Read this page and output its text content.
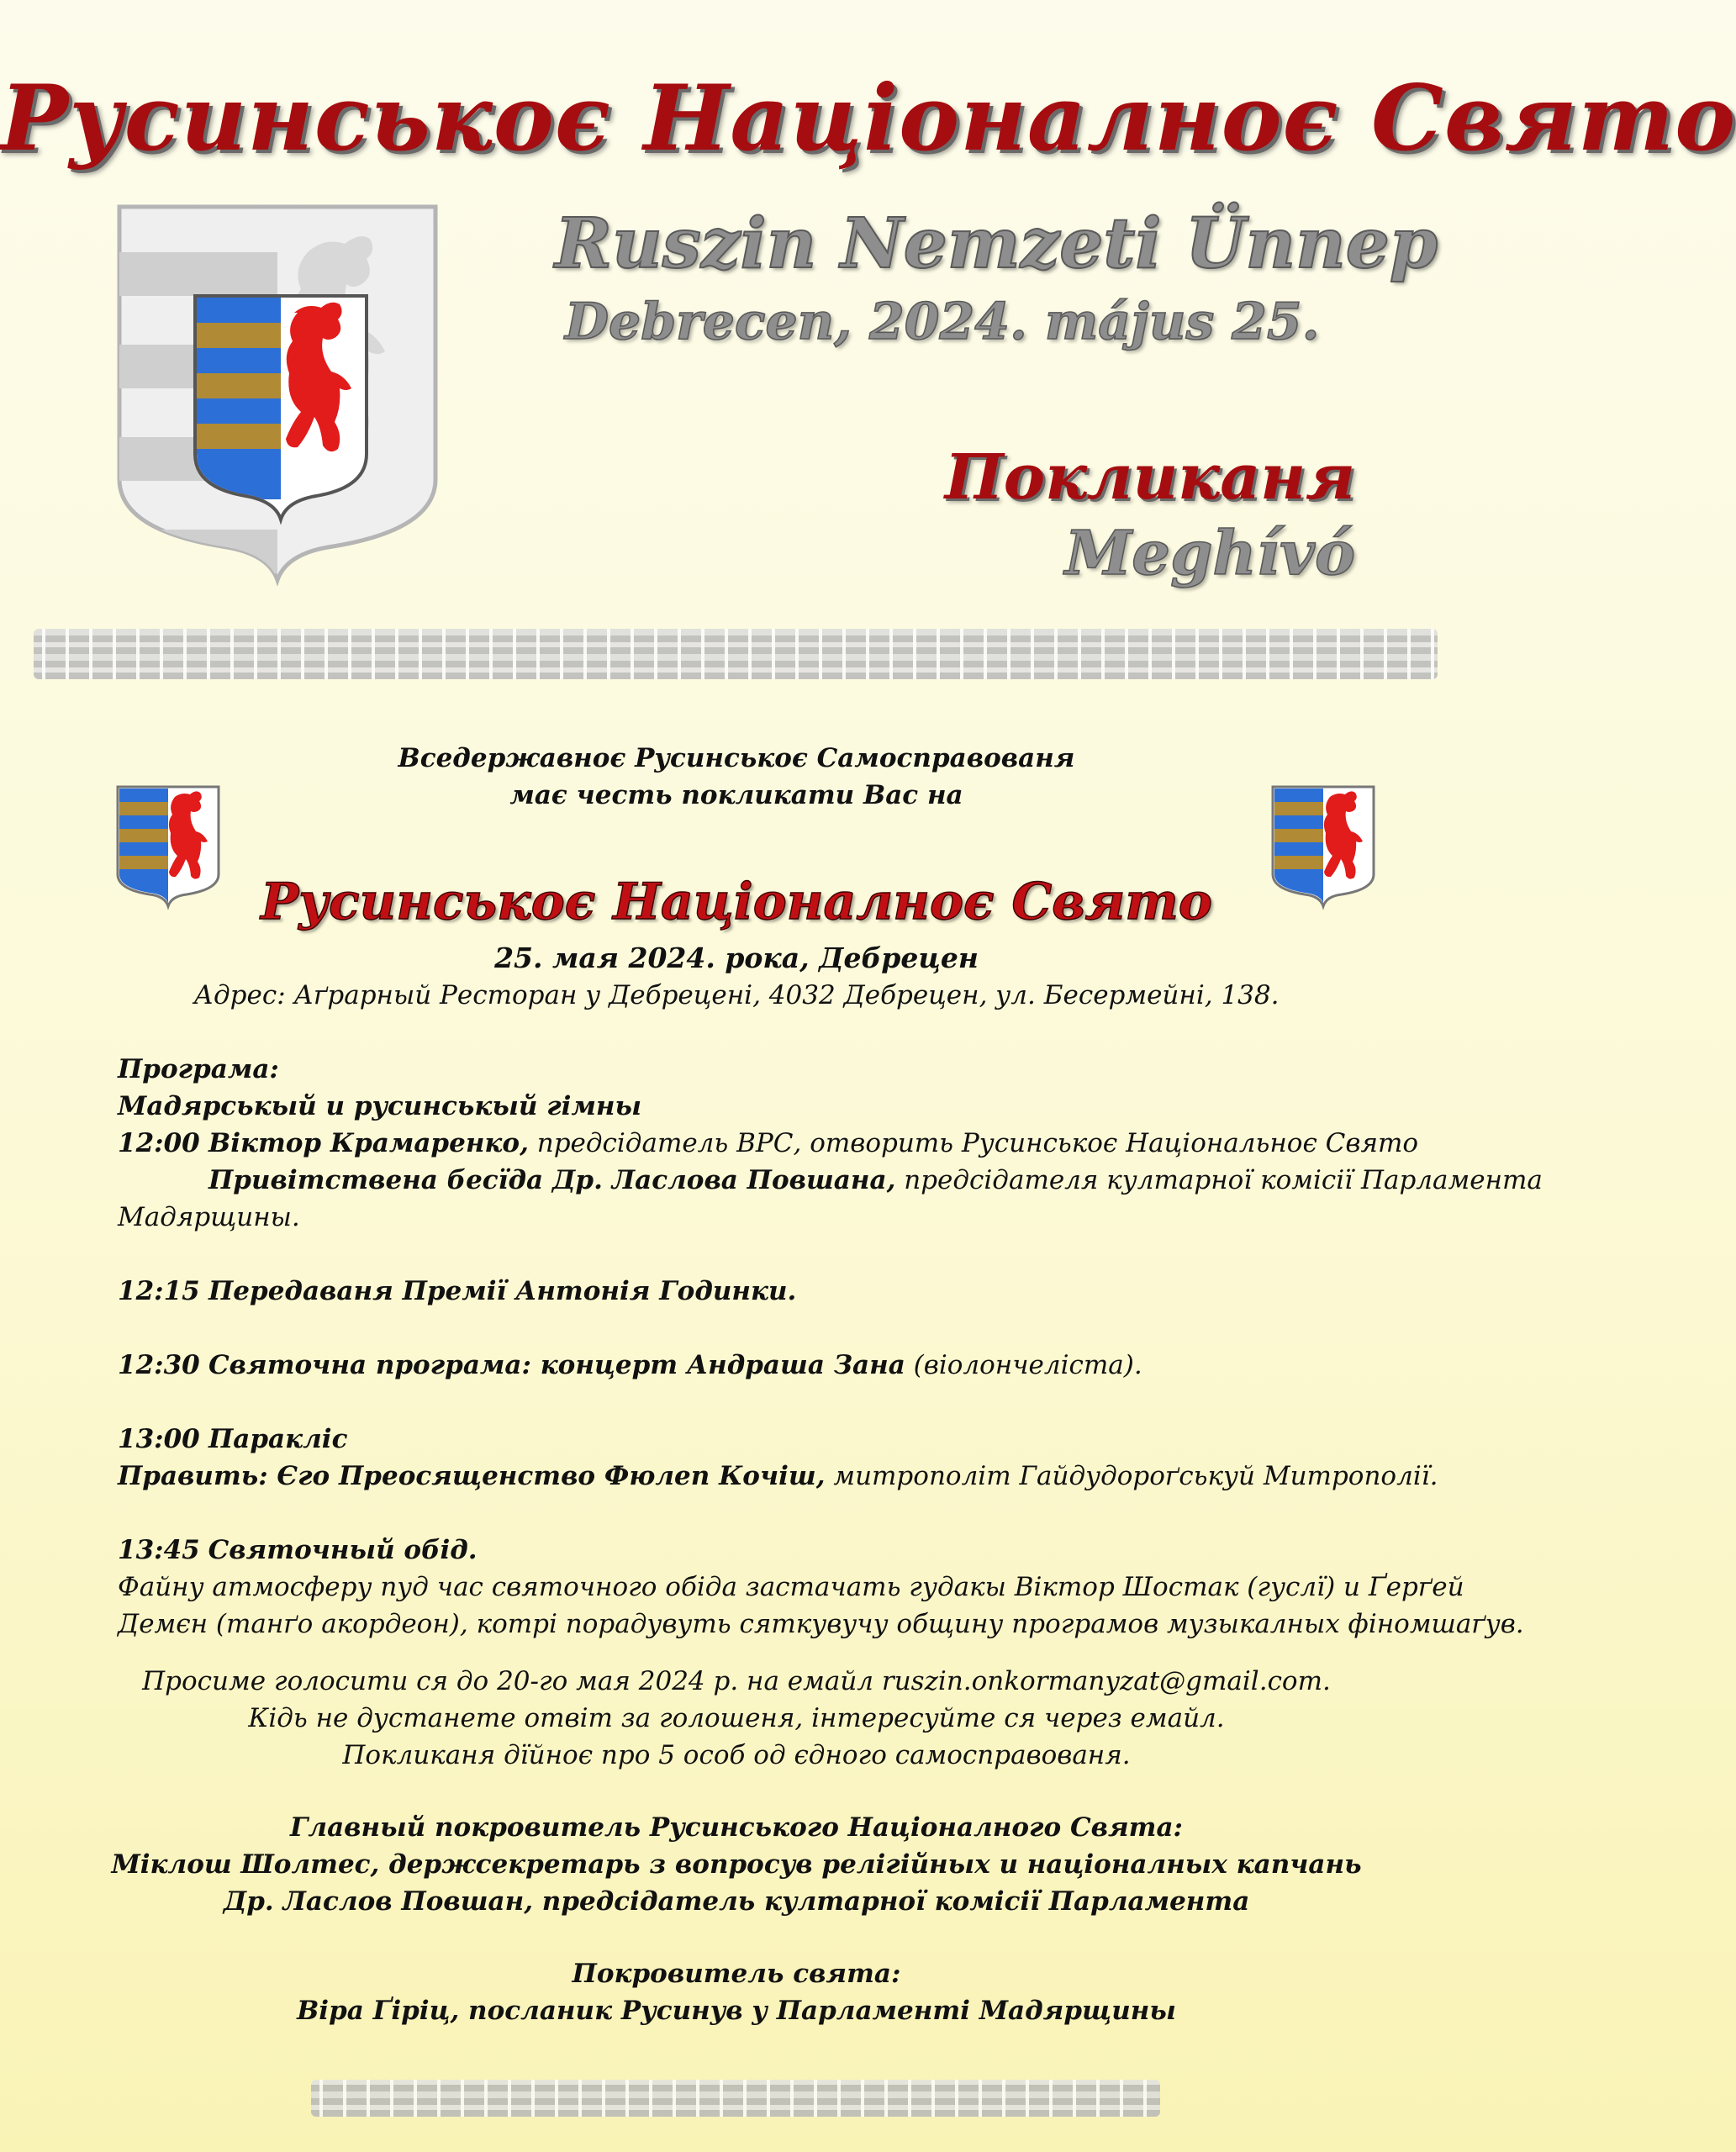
Русинськоє Націоналноє Свято
Ruszin Nemzeti Ünnep
Debrecen, 2024. május 25.
Покликаня
Meghívó
Вседержавноє Русинськоє Самосправованя
має честь покликати Вас на
Русинськоє Націоналноє Свято
25. мая 2024. рока, Дебрецен
Адрес: Аґрарный Ресторан у Дебрецені, 4032 Дебрецен, ул. Бесермейні, 138.

Програма:

Мадярськый и русинськый гімны

12:00 Віктор Крамаренко, предсідатель ВРС, отворить Русинськоє Національноє Свято

Привітствена бесїда Др. Ласлова Повшана, предсідателя култарної комісії Парламента

Мадярщины.

12:15 Передаваня Премії Антонія Годинки.

12:30 Святочна програма: концерт Андраша Зана (віолончеліста).

13:00 Паракліс

Править: Єго Преосященство Фюлеп Кочіш, митрополіт Гайдудороґськуй Митрополії.

13:45 Святочный обід.

Файну атмосферу пуд час святочного обіда застачать гудакы Віктор Шостак (гуслї) и Ґерґей

Демєн (танґо акордеон), котрі порадувуть сяткувучу общину програмов музыкалных фіномшаґув.

Просиме голосити ся до 20-го мая 2024 р. на емайл ruszin.onkormanyzat@gmail.com.
Кідь не дустанете отвіт за голошеня, інтересуйте ся через емайл.
Покликаня дїйноє про 5 особ од єдного самосправованя.
Главный покровитель Русинського Націоналного Свята:
Міклош Шолтес, держсекретарь з вопросув релігійных и націоналных капчань
Др. Ласлов Повшан, предсідатель култарної комісії Парламента
Покровитель свята:
Віра Ґіріц, посланик Русинув у Парламенті Мадярщины
